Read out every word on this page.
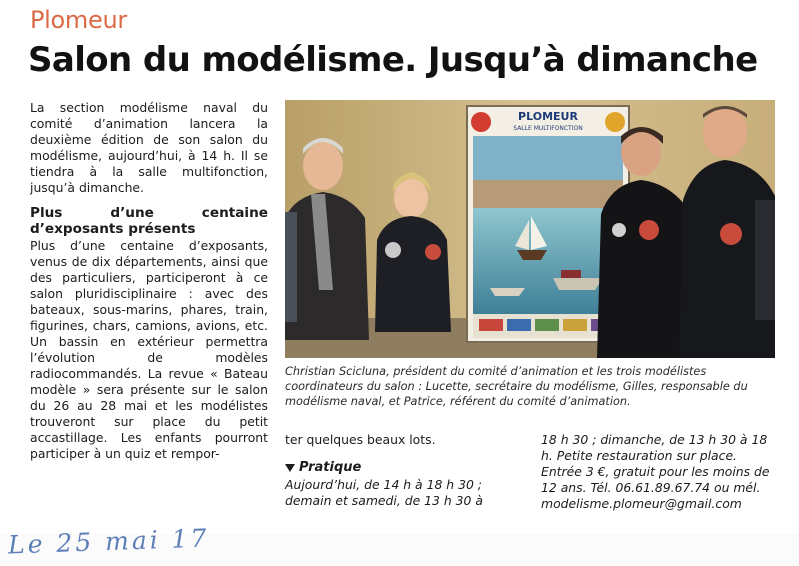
Plomeur
Salon du modélisme. Jusqu’à dimanche

La section modélisme naval du comité d’animation lancera la deuxième édition de son salon du modélisme, aujourd’hui, à 14 h. Il se tiendra à la salle multifonction, jusqu’à dimanche.

Plus d’une centaine d’exposants présents

Plus d’une centaine d’exposants, venus de dix départements, ainsi que des particuliers, participeront à ce salon pluridisciplinaire : avec des bateaux, sous-marins, phares, train, figurines, chars, camions, avions, etc. Un bassin en extérieur permettra l’évolution de modèles radiocommandés. La revue « Bateau modèle » sera présente sur le salon du 26 au 28 mai et les modélistes trouveront sur place du petit accastillage. Les enfants pourront participer à un quiz et rempor-

PLOMEUR
SALLE MULTIFONCTION
Christian Scicluna, président du comité d’animation et les trois modélistes coordinateurs du salon : Lucette, secrétaire du modélisme, Gilles, responsable du modélisme naval, et Patrice, référent du comité d’animation.

ter quelques beaux lots.

Pratique

Aujourd’hui, de 14 h à 18 h 30 ; demain et samedi, de 13 h 30 à

18 h 30 ; dimanche, de 13 h 30 à 18 h. Petite restauration sur place. Entrée 3 €, gratuit pour les moins de 12 ans. Tél. 06.61.89.67.74 ou mél. modelisme.plomeur@gmail.com

Le 25 mai 17
